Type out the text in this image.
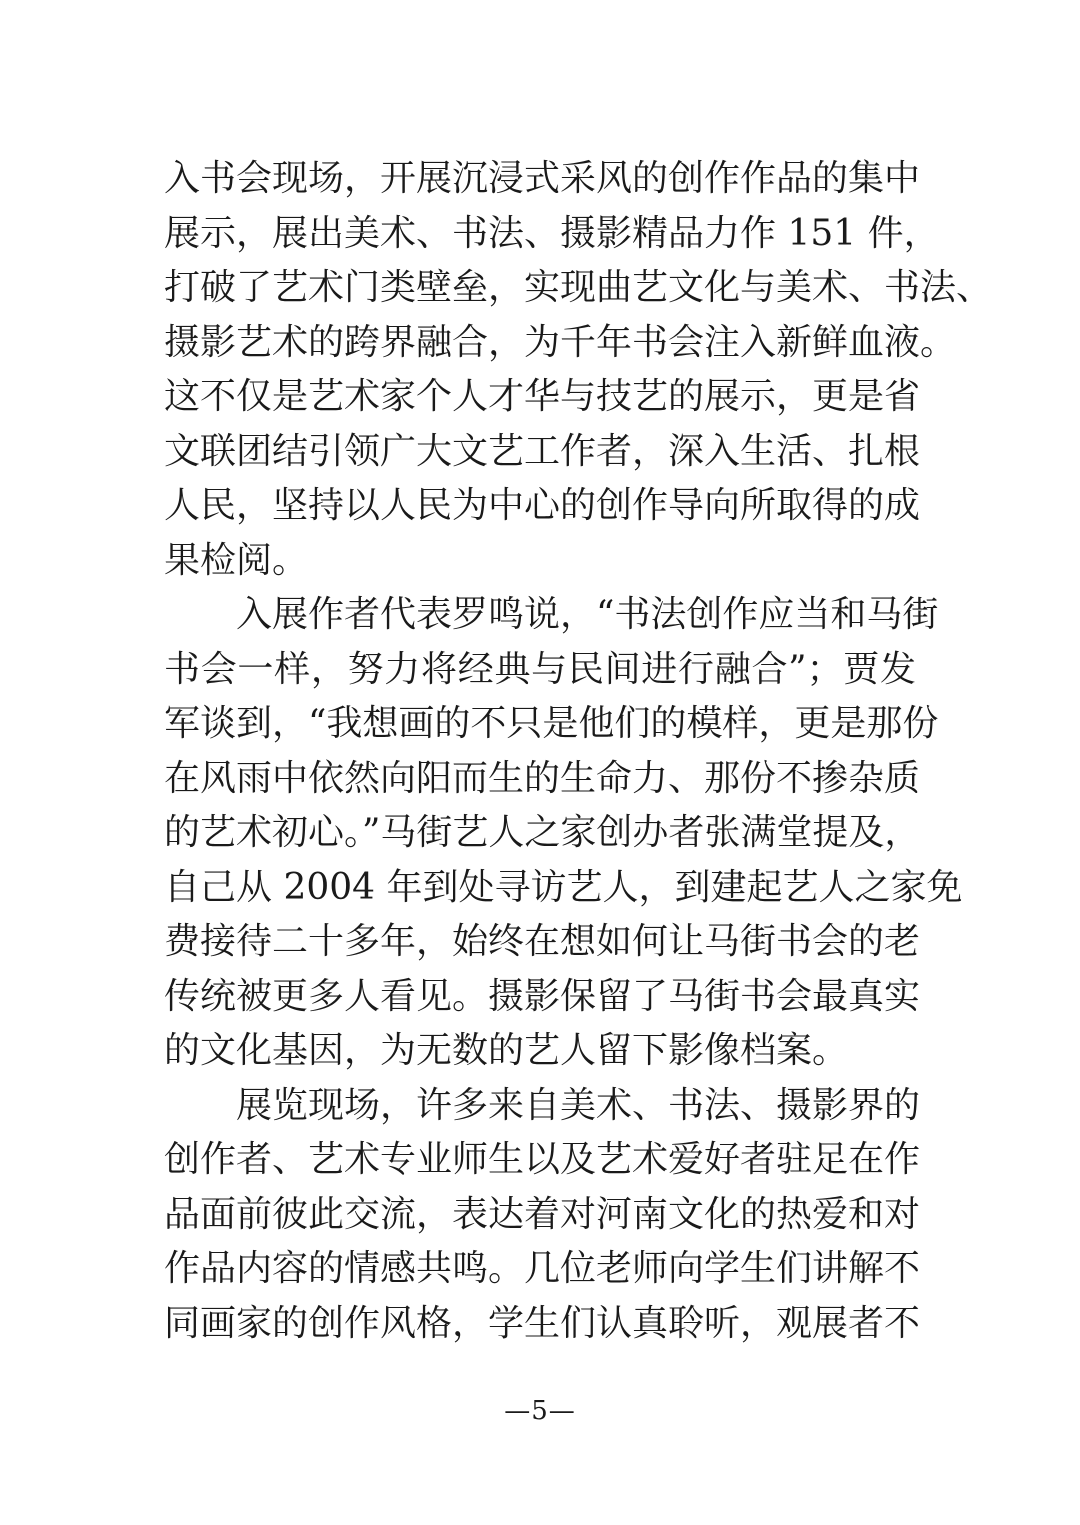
入书会现场，开展沉浸式采风的创作作品的集中
展示，展出美术、书法、摄影精品力作 151 件，
打破了艺术门类壁垒，实现曲艺文化与美术、书法、
摄影艺术的跨界融合，为千年书会注入新鲜血液。
这不仅是艺术家个人才华与技艺的展示，更是省
文联团结引领广大文艺工作者，深入生活、扎根
人民，坚持以人民为中心的创作导向所取得的成
果检阅。
入展作者代表罗鸣说，“书法创作应当和马街
书会一样，努力将经典与民间进行融合”；贾发
军谈到，“我想画的不只是他们的模样，更是那份
在风雨中依然向阳而生的生命力、那份不掺杂质
的艺术初心。”马街艺人之家创办者张满堂提及，
自己从 2004 年到处寻访艺人，到建起艺人之家免
费接待二十多年，始终在想如何让马街书会的老
传统被更多人看见。摄影保留了马街书会最真实
的文化基因，为无数的艺人留下影像档案。
展览现场，许多来自美术、书法、摄影界的
创作者、艺术专业师生以及艺术爱好者驻足在作
品面前彼此交流，表达着对河南文化的热爱和对
作品内容的情感共鸣。几位老师向学生们讲解不
同画家的创作风格，学生们认真聆听，观展者不
—5—
